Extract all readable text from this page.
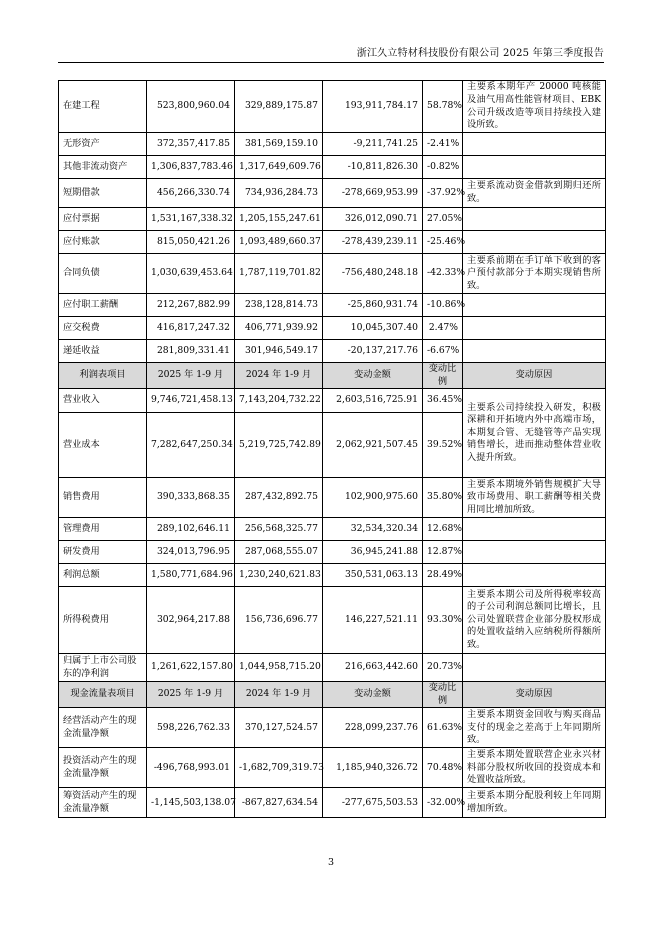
浙江久立特材科技股份有限公司 2025 年第三季度报告
在建工程	523,800,960.04	329,889,175.87	193,911,784.17	58.78%	主要系本期年产 20000 吨核能及油气用高性能管材项目、EBK 公司升级改造等项目持续投入建设所致。
无形资产	372,357,417.85	381,569,159.10	-9,211,741.25	-2.41%	
其他非流动资产	1,306,837,783.46	1,317,649,609.76	-10,811,826.30	-0.82%	
短期借款	456,266,330.74	734,936,284.73	-278,669,953.99	-37.92%	主要系流动资金借款到期归还所致。
应付票据	1,531,167,338.32	1,205,155,247.61	326,012,090.71	27.05%	
应付账款	815,050,421.26	1,093,489,660.37	-278,439,239.11	-25.46%	
合同负债	1,030,639,453.64	1,787,119,701.82	-756,480,248.18	-42.33%	主要系前期在手订单下收到的客户预付款部分于本期实现销售所致。
应付职工薪酬	212,267,882.99	238,128,814.73	-25,860,931.74	-10.86%	
应交税费	416,817,247.32	406,771,939.92	10,045,307.40	2.47%	
递延收益	281,809,331.41	301,946,549.17	-20,137,217.76	-6.67%	
利润表项目	2025 年 1-9 月	2024 年 1-9 月	变动金额	变动比例	变动原因
营业收入	9,746,721,458.13	7,143,204,732.22	2,603,516,725.91	36.45%	主要系公司持续投入研发，积极深耕和开拓境内外中高端市场，本期复合管、无缝管等产品实现销售增长，进而推动整体营业收入提升所致。
营业成本	7,282,647,250.34	5,219,725,742.89	2,062,921,507.45	39.52%	
销售费用	390,333,868.35	287,432,892.75	102,900,975.60	35.80%	主要系本期境外销售规模扩大导致市场费用、职工薪酬等相关费用同比增加所致。
管理费用	289,102,646.11	256,568,325.77	32,534,320.34	12.68%	
研发费用	324,013,796.95	287,068,555.07	36,945,241.88	12.87%	
利润总额	1,580,771,684.96	1,230,240,621.83	350,531,063.13	28.49%	
所得税费用	302,964,217.88	156,736,696.77	146,227,521.11	93.30%	主要系本期公司及所得税率较高的子公司利润总额同比增长，且公司处置联营企业部分股权形成的处置收益纳入应纳税所得额所致。
归属于上市公司股东的净利润	1,261,622,157.80	1,044,958,715.20	216,663,442.60	20.73%	
现金流量表项目	2025 年 1-9 月	2024 年 1-9 月	变动金额	变动比例	变动原因
经营活动产生的现金流量净额	598,226,762.33	370,127,524.57	228,099,237.76	61.63%	主要系本期资金回收与购买商品支付的现金之差高于上年同期所致。
投资活动产生的现金流量净额	-496,768,993.01	-1,682,709,319.73	1,185,940,326.72	70.48%	主要系本期处置联营企业永兴材料部分股权所收回的投资成本和处置收益所致。
筹资活动产生的现金流量净额	-1,145,503,138.07	-867,827,634.54	-277,675,503.53	-32.00%	主要系本期分配股利较上年同期增加所致。
3
